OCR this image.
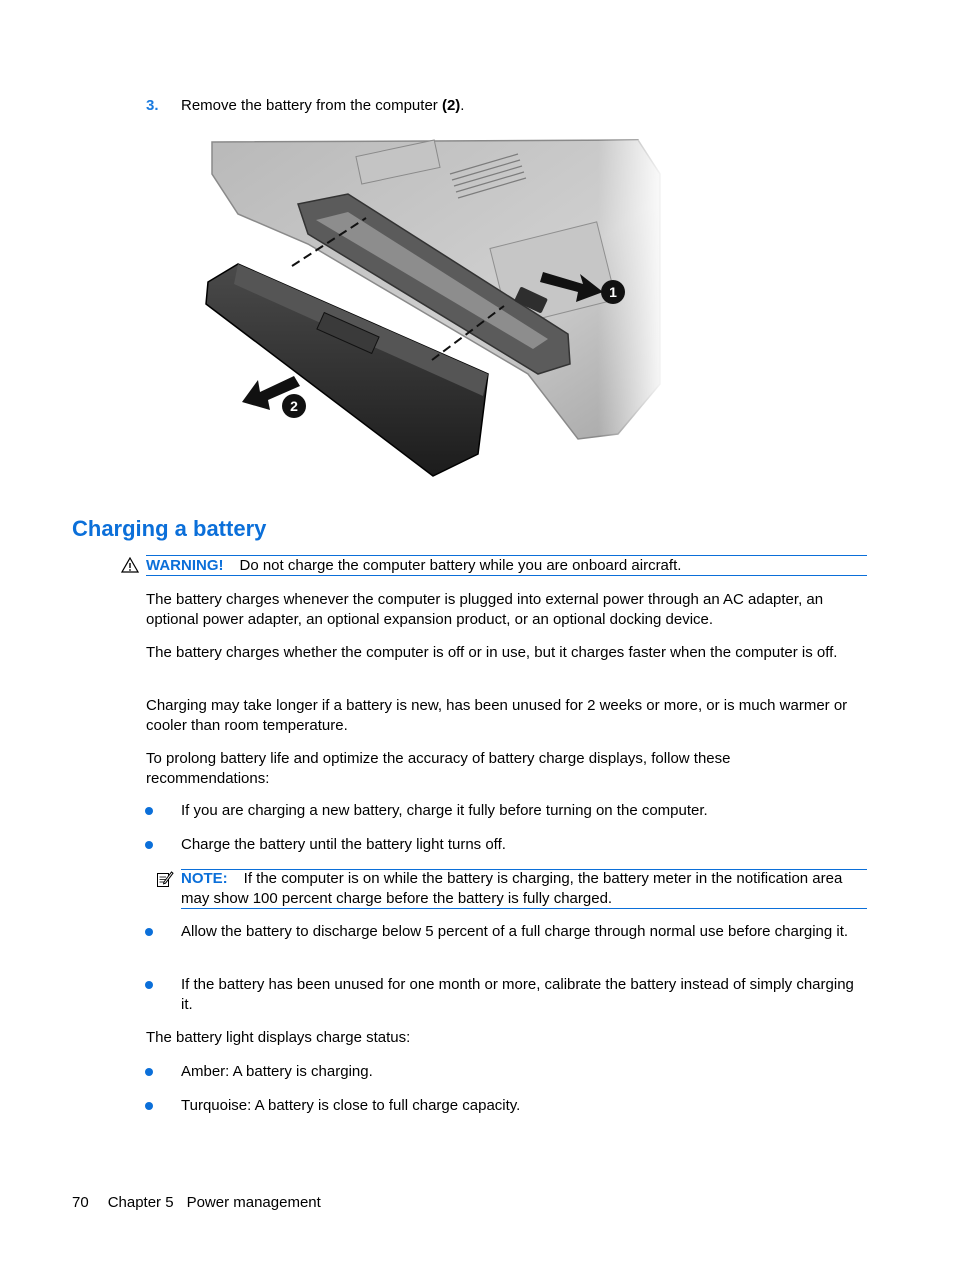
3. Remove the battery from the computer (2).
1
2
Charging a battery
WARNING! Do not charge the computer battery while you are onboard aircraft.
The battery charges whenever the computer is plugged into external power through an AC adapter, an optional power adapter, an optional expansion product, or an optional docking device.
The battery charges whether the computer is off or in use, but it charges faster when the computer is off.
Charging may take longer if a battery is new, has been unused for 2 weeks or more, or is much warmer or cooler than room temperature.
To prolong battery life and optimize the accuracy of battery charge displays, follow these recommendations:
If you are charging a new battery, charge it fully before turning on the computer.
Charge the battery until the battery light turns off.
NOTE: If the computer is on while the battery is charging, the battery meter in the notification area may show 100 percent charge before the battery is fully charged.
Allow the battery to discharge below 5 percent of a full charge through normal use before charging it.
If the battery has been unused for one month or more, calibrate the battery instead of simply charging it.
The battery light displays charge status:
Amber: A battery is charging.
Turquoise: A battery is close to full charge capacity.
70 Chapter 5 Power management
